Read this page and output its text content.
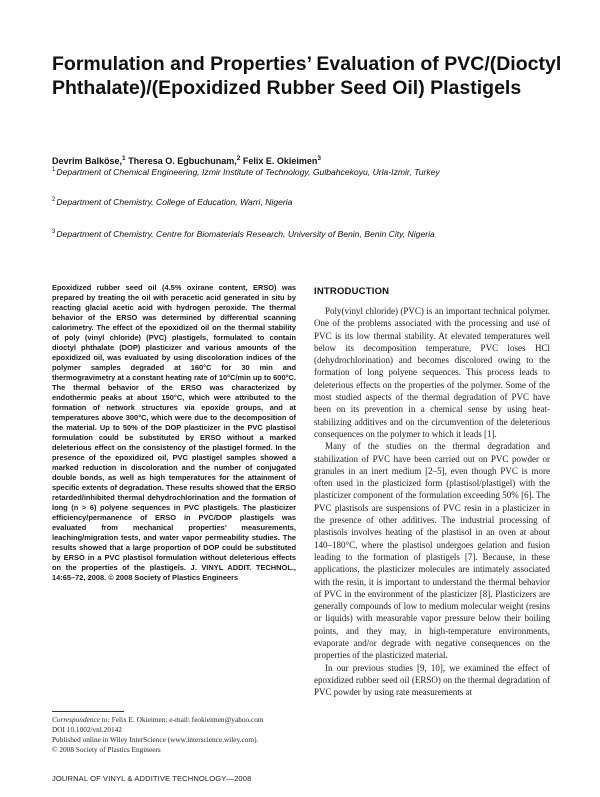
Formulation and Properties’ Evaluation of PVC/(Dioctyl Phthalate)/(Epoxidized Rubber Seed Oil) Plastigels
Devrim Balköse,$^1$ Theresa O. Egbuchunam,$^2$ Felix E. Okieimen$^3$
$^1$Department of Chemical Engineering, Izmir Institute of Technology, Gulbahcekoyu, Urla-Izmir, Turkey
$^2$Department of Chemistry, College of Education, Warri, Nigeria
$^3$Department of Chemistry, Centre for Biomaterials Research, University of Benin, Benin City, Nigeria

Epoxidized rubber seed oil (4.5% oxirane content, ERSO) was prepared by treating the oil with peracetic acid generated in situ by reacting glacial acetic acid with hydrogen peroxide. The thermal behavior of the ERSO was determined by differential scanning calorimetry. The effect of the epoxidized oil on the thermal stability of poly (vinyl chloride) (PVC) plastigels, formulated to contain dioctyl phthalate (DOP) plasticizer and various amounts of the epoxidized oil, was evaluated by using discoloration indices of the polymer samples degraded at 160°C for 30 min and thermogravimetry at a constant heating rate of 10°C/min up to 600°C. The thermal behavior of the ERSO was characterized by endothermic peaks at about 150°C, which were attributed to the formation of network structures via epoxide groups, and at temperatures above 300°C, which were due to the decomposition of the material. Up to 50% of the DOP plasticizer in the PVC plastisol formulation could be substituted by ERSO without a marked deleterious effect on the consistency of the plastigel formed. In the presence of the epoxidized oil, PVC plastigel samples showed a marked reduction in discoloration and the number of conjugated double bonds, as well as high temperatures for the attainment of specific extents of degradation. These results showed that the ERSO retarded/inhibited thermal dehydrochlorination and the formation of long (n > 6) polyene sequences in PVC plastigels. The plasticizer efficiency/permanence of ERSO in PVC/DOP plastigels was evaluated from mechanical properties’ measurements, leaching/migration tests, and water vapor permeability studies. The results showed that a large proportion of DOP could be substituted by ERSO in a PVC plastisol formulation without deleterious effects on the properties of the plastigels. J. VINYL ADDIT. TECHNOL., 14:65–72, 2008. © 2008 Society of Plastics Engineers

INTRODUCTION

Poly(vinyl chloride) (PVC) is an important technical polymer. One of the problems associated with the processing and use of PVC is its low thermal stability. At elevated temperatures well below its decomposition temperature, PVC loses HCl (dehydrochlorination) and becomes discolored owing to the formation of long polyene sequences. This process leads to deleterious effects on the properties of the polymer. Some of the most studied aspects of the thermal degradation of PVC have been on its prevention in a chemical sense by using heat-stabilizing additives and on the circumvention of the deleterious consequences on the polymer to which it leads [1].

Many of the studies on the thermal degradation and stabilization of PVC have been carried out on PVC powder or granules in an inert medium [2–5], even though PVC is more often used in the plasticized form (plastisol/plastigel) with the plasticizer component of the formulation exceeding 50% [6]. The PVC plastisols are suspensions of PVC resin in a plasticizer in the presence of other additives. The industrial processing of plastisols involves heating of the plastisol in an oven at about 140–180°C, where the plastisol undergoes gelation and fusion leading to the formation of plastigels [7]. Because, in these applications, the plasticizer molecules are intimately associated with the resin, it is important to understand the thermal behavior of PVC in the environment of the plasticizer [8]. Plasticizers are generally compounds of low to medium molecular weight (resins or liquids) with measurable vapor pressure below their boiling points, and they may, in high-temperature environments, evaporate and/or degrade with negative consequences on the properties of the plasticized material.

In our previous studies [9, 10], we examined the effect of epoxidized rubber seed oil (ERSO) on the thermal degradation of PVC powder by using rate measurements at

Correspondence to: Felix E. Okieimen; e-mail: feokieimen@yahoo.com
DOI 10.1002/vnl.20142
Published online in Wiley InterScience (www.interscience.wiley.com).
© 2008 Society of Plastics Engineers
JOURNAL OF VINYL & ADDITIVE TECHNOLOGY—2008
